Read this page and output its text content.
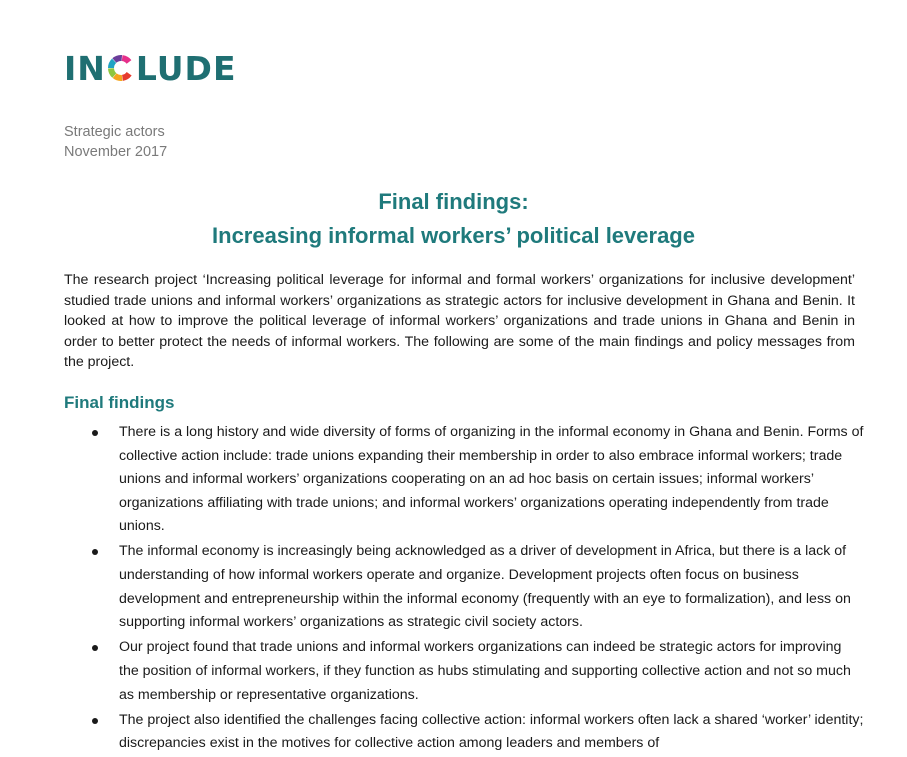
IN LUDE
Strategic actors
November 2017
Final findings:
Increasing informal workers’ political leverage

The research project ‘Increasing political leverage for informal and formal workers’ organizations for inclusive development’ studied trade unions and informal workers’ organizations as strategic actors for inclusive development in Ghana and Benin. It looked at how to improve the political leverage of informal workers’ organizations and trade unions in Ghana and Benin in order to better protect the needs of informal workers. The following are some of the main findings and policy messages from the project.

Final findings
There is a long history and wide diversity of forms of organizing in the informal economy in Ghana and Benin. Forms of collective action include: trade unions expanding their membership in order to also embrace informal workers; trade unions and informal workers’ organizations cooperating on an ad hoc basis on certain issues; informal workers’ organizations affiliating with trade unions; and informal workers’ organizations operating independently from trade unions.
The informal economy is increasingly being acknowledged as a driver of development in Africa, but there is a lack of understanding of how informal workers operate and organize. Development projects often focus on business development and entrepreneurship within the informal economy (frequently with an eye to formalization), and less on supporting informal workers’ organizations as strategic civil society actors.
Our project found that trade unions and informal workers organizations can indeed be strategic actors for improving the position of informal workers, if they function as hubs stimulating and supporting collective action and not so much as membership or representative organizations.
The project also identified the challenges facing collective action: informal workers often lack a shared ‘worker’ identity; discrepancies exist in the motives for collective action among leaders and members of
